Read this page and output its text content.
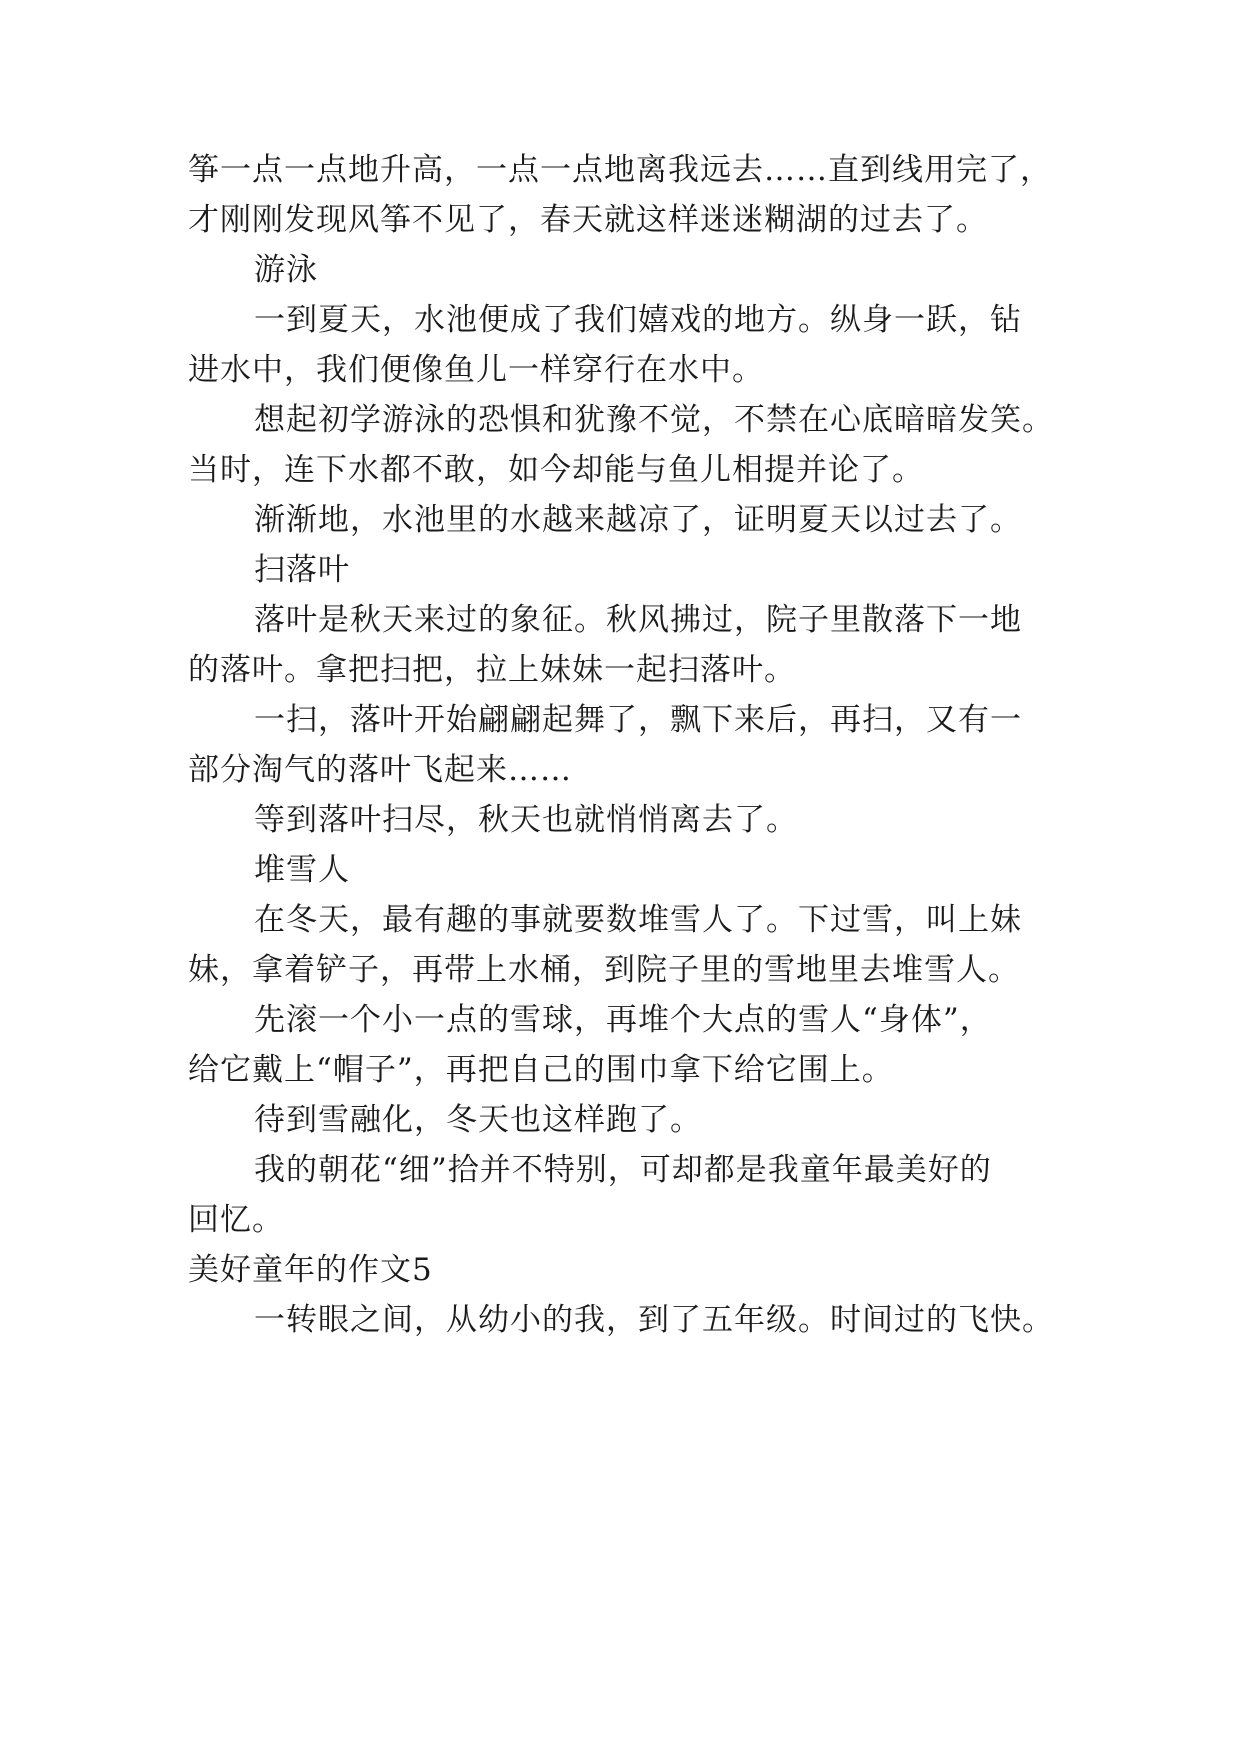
筝一点一点地升高，一点一点地离我远去……直到线用完了，

才刚刚发现风筝不见了，春天就这样迷迷糊湖的过去了。

游泳

一到夏天，水池便成了我们嬉戏的地方。纵身一跃，钻

进水中，我们便像鱼儿一样穿行在水中。

想起初学游泳的恐惧和犹豫不觉，不禁在心底暗暗发笑。

当时，连下水都不敢，如今却能与鱼儿相提并论了。

渐渐地，水池里的水越来越凉了，证明夏天以过去了。

扫落叶

落叶是秋天来过的象征。秋风拂过，院子里散落下一地

的落叶。拿把扫把，拉上妹妹一起扫落叶。

一扫，落叶开始翩翩起舞了，飘下来后，再扫，又有一

部分淘气的落叶飞起来……

等到落叶扫尽，秋天也就悄悄离去了。

堆雪人

在冬天，最有趣的事就要数堆雪人了。下过雪，叫上妹

妹，拿着铲子，再带上水桶，到院子里的雪地里去堆雪人。

先滚一个小一点的雪球，再堆个大点的雪人“身体”，

给它戴上“帽子”，再把自己的围巾拿下给它围上。

待到雪融化，冬天也这样跑了。

我的朝花“细”拾并不特别，可却都是我童年最美好的

回忆。

美好童年的作文5

一转眼之间，从幼小的我，到了五年级。时间过的飞快。
